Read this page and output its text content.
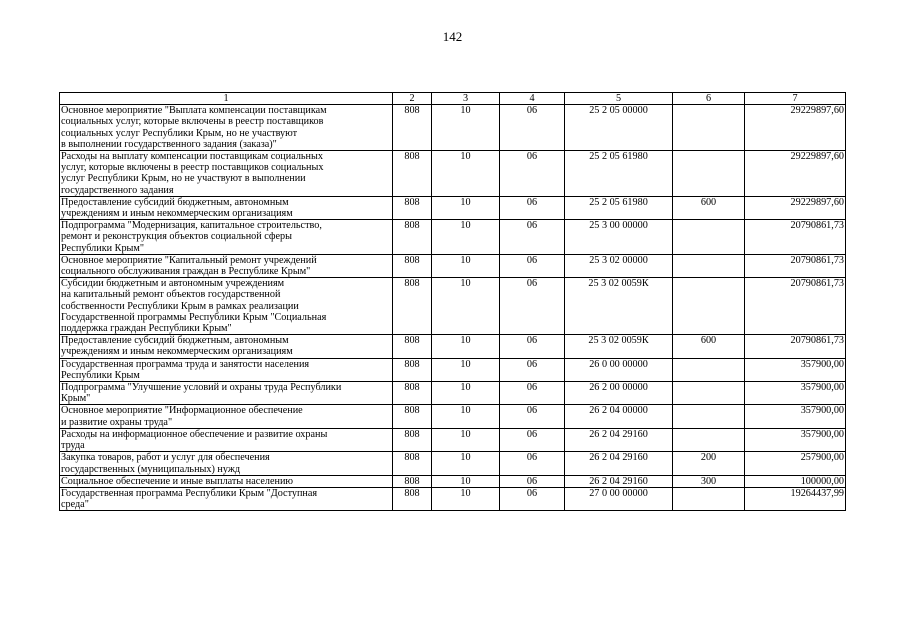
142
1	2	3	4	5	6	7

Основное мероприятие "Выплата компенсации поставщикам
социальных услуг, которые включены в реестр поставщиков
социальных услуг Республики Крым, но не участвуют
в выполнении государственного задания (заказа)"	808	10	06	25 2 05 00000		29229897,60

Расходы на выплату компенсации поставщикам социальных
услуг, которые включены в реестр поставщиков социальных
услуг Республики Крым, но не участвуют в выполнении
государственного задания	808	10	06	25 2 05 61980		29229897,60

Предоставление субсидий бюджетным, автономным
учреждениям и иным некоммерческим организациям	808	10	06	25 2 05 61980	600	29229897,60

Подпрограмма "Модернизация, капитальное строительство,
ремонт и реконструкция объектов социальной сферы
Республики Крым"	808	10	06	25 3 00 00000		20790861,73

Основное мероприятие "Капитальный ремонт учреждений
социального обслуживания граждан в Республике Крым"	808	10	06	25 3 02 00000		20790861,73

Субсидии бюджетным и автономным учреждениям
на капитальный ремонт объектов государственной
собственности Республики Крым в рамках реализации
Государственной программы Республики Крым "Социальная
поддержка граждан Республики Крым"	808	10	06	25 3 02 0059К		20790861,73

Предоставление субсидий бюджетным, автономным
учреждениям и иным некоммерческим организациям	808	10	06	25 3 02 0059К	600	20790861,73

Государственная программа труда и занятости населения
Республики Крым	808	10	06	26 0 00 00000		357900,00

Подпрограмма "Улучшение условий и охраны труда Республики
Крым"	808	10	06	26 2 00 00000		357900,00

Основное мероприятие "Информационное обеспечение
и развитие охраны труда"	808	10	06	26 2 04 00000		357900,00

Расходы на информационное обеспечение и развитие охраны
труда	808	10	06	26 2 04 29160		357900,00

Закупка товаров, работ и услуг для обеспечения
государственных (муниципальных) нужд	808	10	06	26 2 04 29160	200	257900,00

Социальное обеспечение и иные выплаты населению	808	10	06	26 2 04 29160	300	100000,00

Государственная программа Республики Крым "Доступная
среда"	808	10	06	27 0 00 00000		19264437,99
